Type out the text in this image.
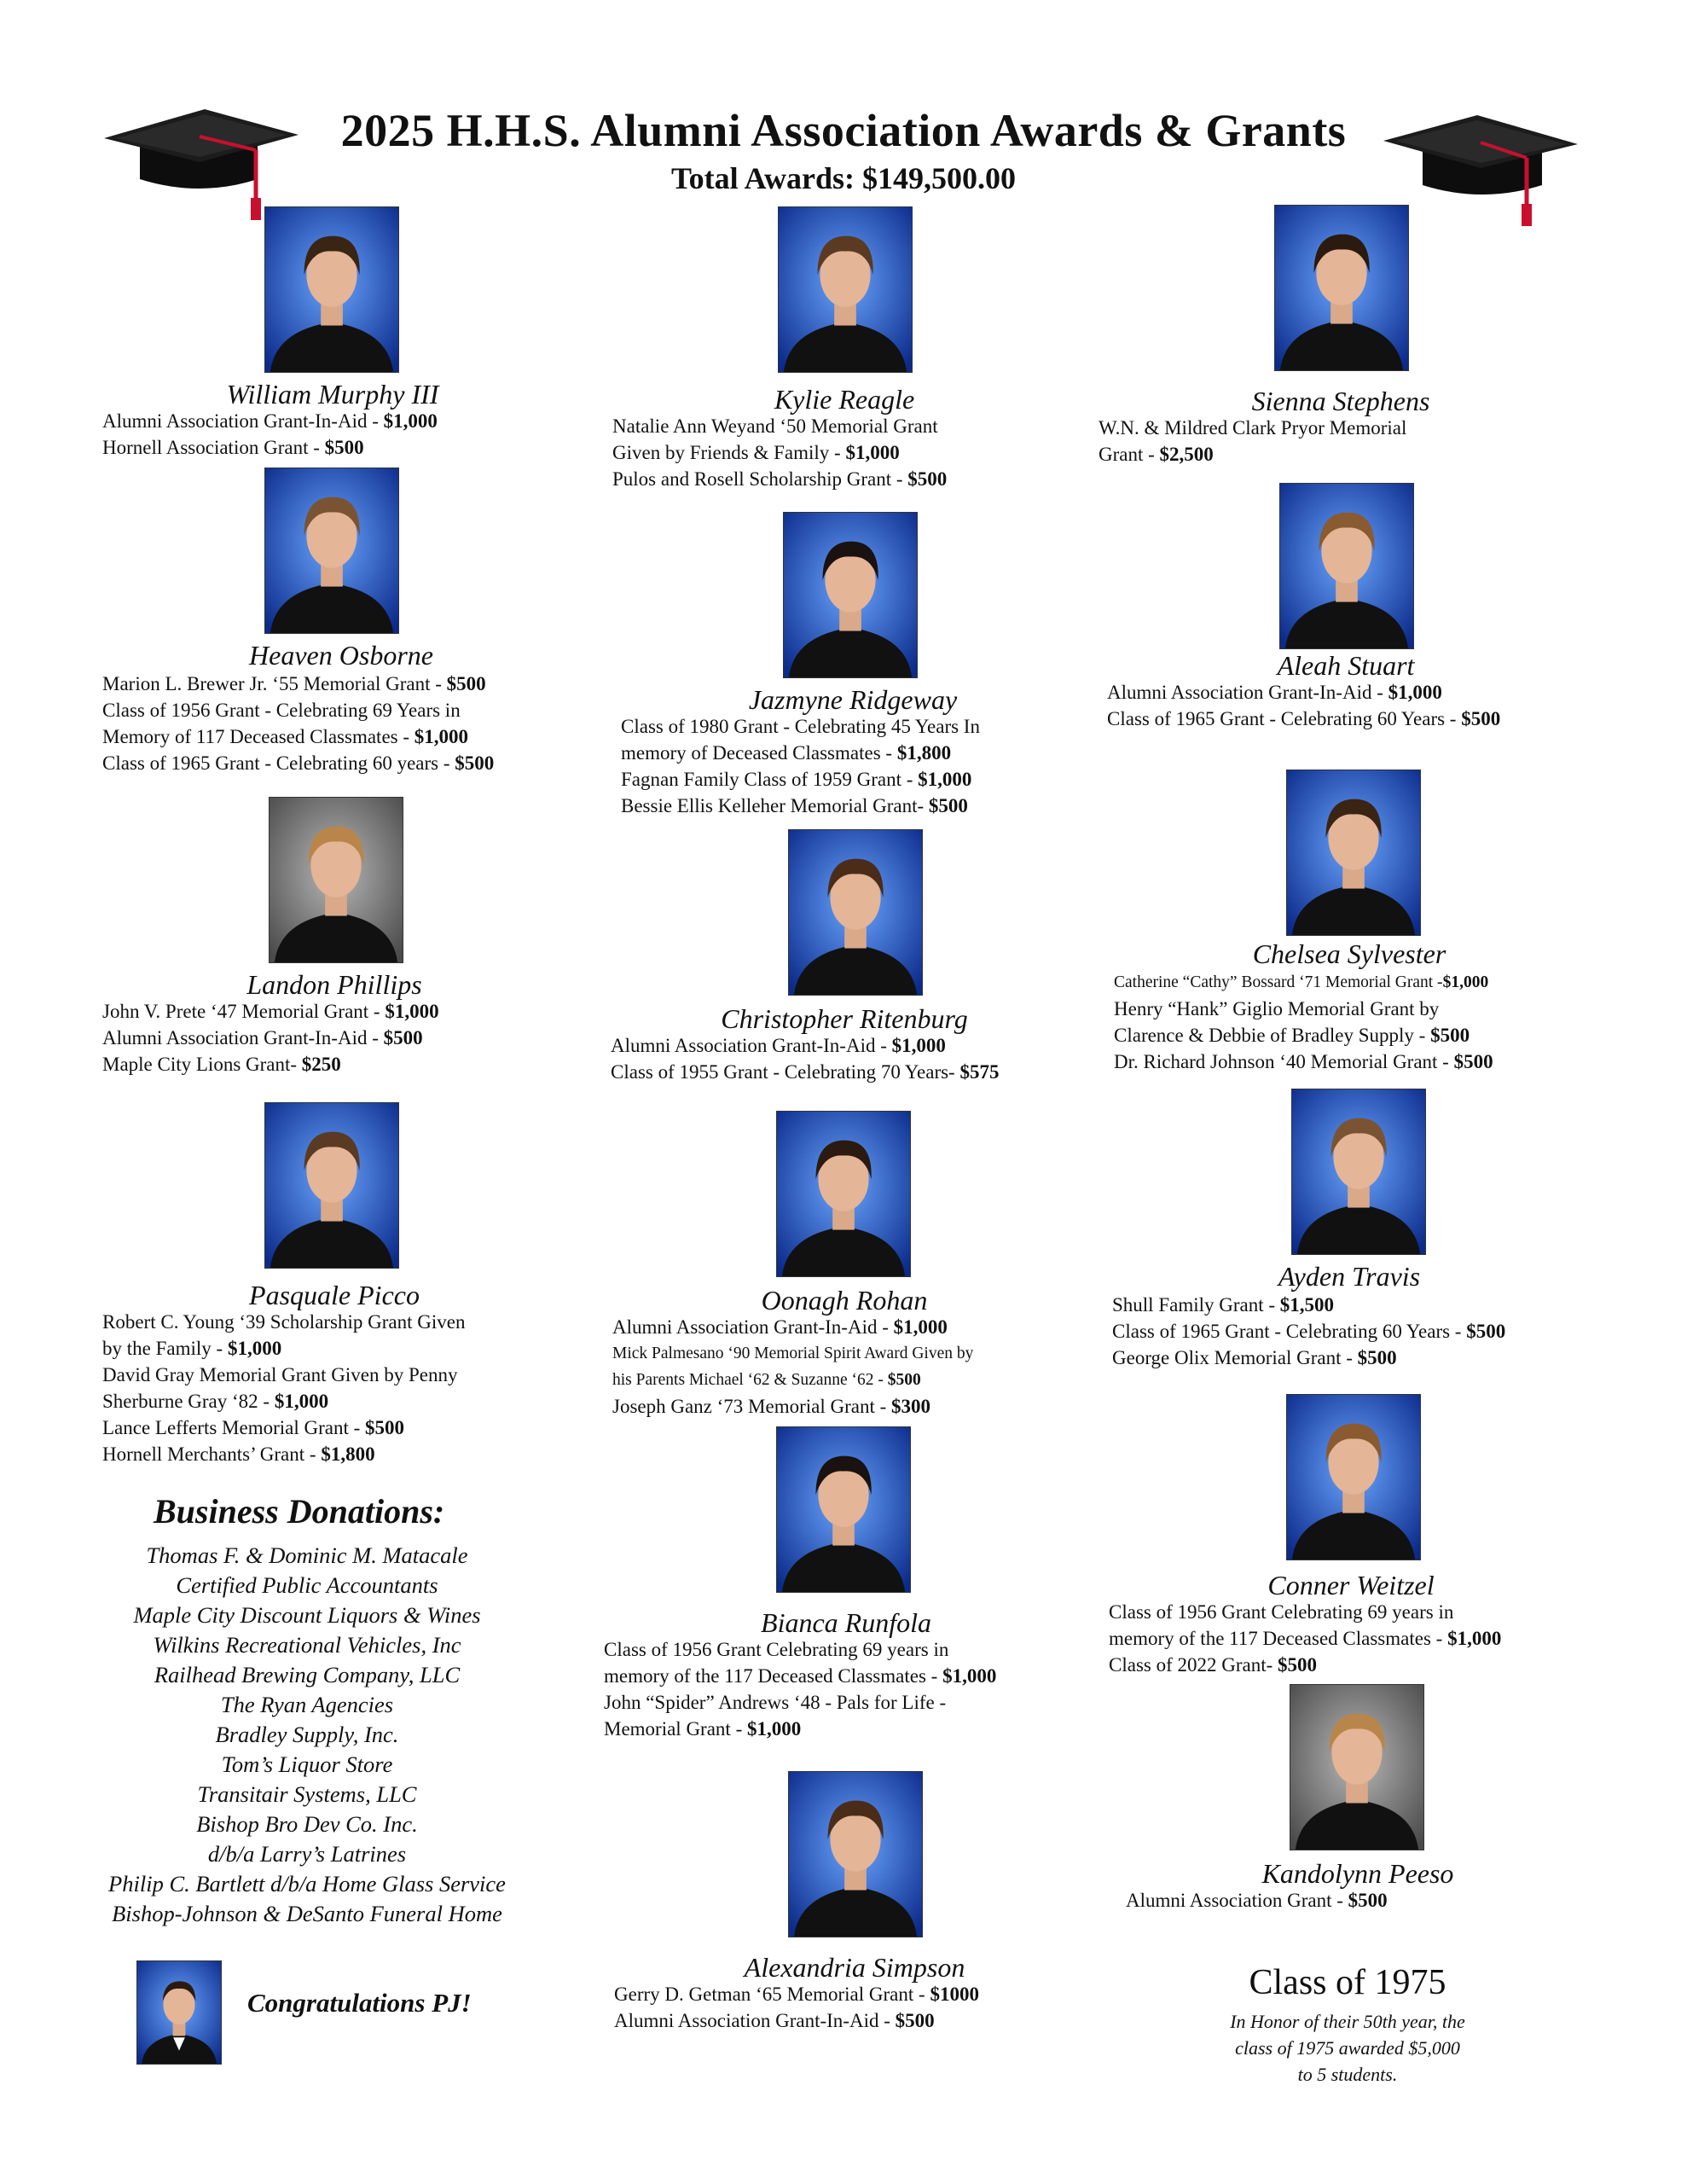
2025 H.H.S. Alumni Association Awards & Grants
Total Awards: $149,500.00
William Murphy III
Alumni Association Grant-In-Aid - $1,000
Hornell Association Grant - $500
Kylie Reagle
Natalie Ann Weyand ‘50 Memorial Grant
Given by Friends & Family - $1,000
Pulos and Rosell Scholarship Grant - $500
Sienna Stephens
W.N. & Mildred Clark Pryor Memorial
Grant - $2,500
Heaven Osborne
Marion L. Brewer Jr. ‘55 Memorial Grant - $500
Class of 1956 Grant - Celebrating 69 Years in
Memory of 117 Deceased Classmates - $1,000
Class of 1965 Grant - Celebrating 60 years - $500
Jazmyne Ridgeway
Class of 1980 Grant - Celebrating 45 Years In
memory of Deceased Classmates - $1,800
Fagnan Family Class of 1959 Grant - $1,000
Bessie Ellis Kelleher Memorial Grant- $500
Aleah Stuart
Alumni Association Grant-In-Aid - $1,000
Class of 1965 Grant - Celebrating 60 Years - $500
Landon Phillips
John V. Prete ‘47 Memorial Grant - $1,000
Alumni Association Grant-In-Aid - $500
Maple City Lions Grant- $250
Christopher Ritenburg
Alumni Association Grant-In-Aid - $1,000
Class of 1955 Grant - Celebrating 70 Years- $575
Chelsea Sylvester
Catherine “Cathy” Bossard ‘71 Memorial Grant -$1,000
Henry “Hank” Giglio Memorial Grant by
Clarence & Debbie of Bradley Supply - $500
Dr. Richard Johnson ‘40 Memorial Grant - $500
Pasquale Picco
Robert C. Young ‘39 Scholarship Grant Given
by the Family - $1,000
David Gray Memorial Grant Given by Penny
Sherburne Gray ‘82 - $1,000
Lance Lefferts Memorial Grant - $500
Hornell Merchants’ Grant - $1,800
Oonagh Rohan
Alumni Association Grant-In-Aid - $1,000
Mick Palmesano ‘90 Memorial Spirit Award Given by
his Parents Michael ‘62 & Suzanne ‘62 - $500
Joseph Ganz ‘73 Memorial Grant - $300
Ayden Travis
Shull Family Grant - $1,500
Class of 1965 Grant - Celebrating 60 Years - $500
George Olix Memorial Grant - $500
Bianca Runfola
Class of 1956 Grant Celebrating 69 years in
memory of the 117 Deceased Classmates - $1,000
John “Spider” Andrews ‘48 - Pals for Life -
Memorial Grant - $1,000
Conner Weitzel
Class of 1956 Grant Celebrating 69 years in
memory of the 117 Deceased Classmates - $1,000
Class of 2022 Grant- $500
Kandolynn Peeso
Alumni Association Grant - $500
Alexandria Simpson
Gerry D. Getman ‘65 Memorial Grant - $1000
Alumni Association Grant-In-Aid - $500
Business Donations:
Thomas F. & Dominic M. Matacale
Certified Public Accountants
Maple City Discount Liquors & Wines
Wilkins Recreational Vehicles, Inc
Railhead Brewing Company, LLC
The Ryan Agencies
Bradley Supply, Inc.
Tom’s Liquor Store
Transitair Systems, LLC
Bishop Bro Dev Co. Inc.
d/b/a Larry’s Latrines
Philip C. Bartlett d/b/a Home Glass Service
Bishop-Johnson & DeSanto Funeral Home
Congratulations PJ!
Class of 1975
In Honor of their 50th year, the
class of 1975 awarded $5,000
to 5 students.
